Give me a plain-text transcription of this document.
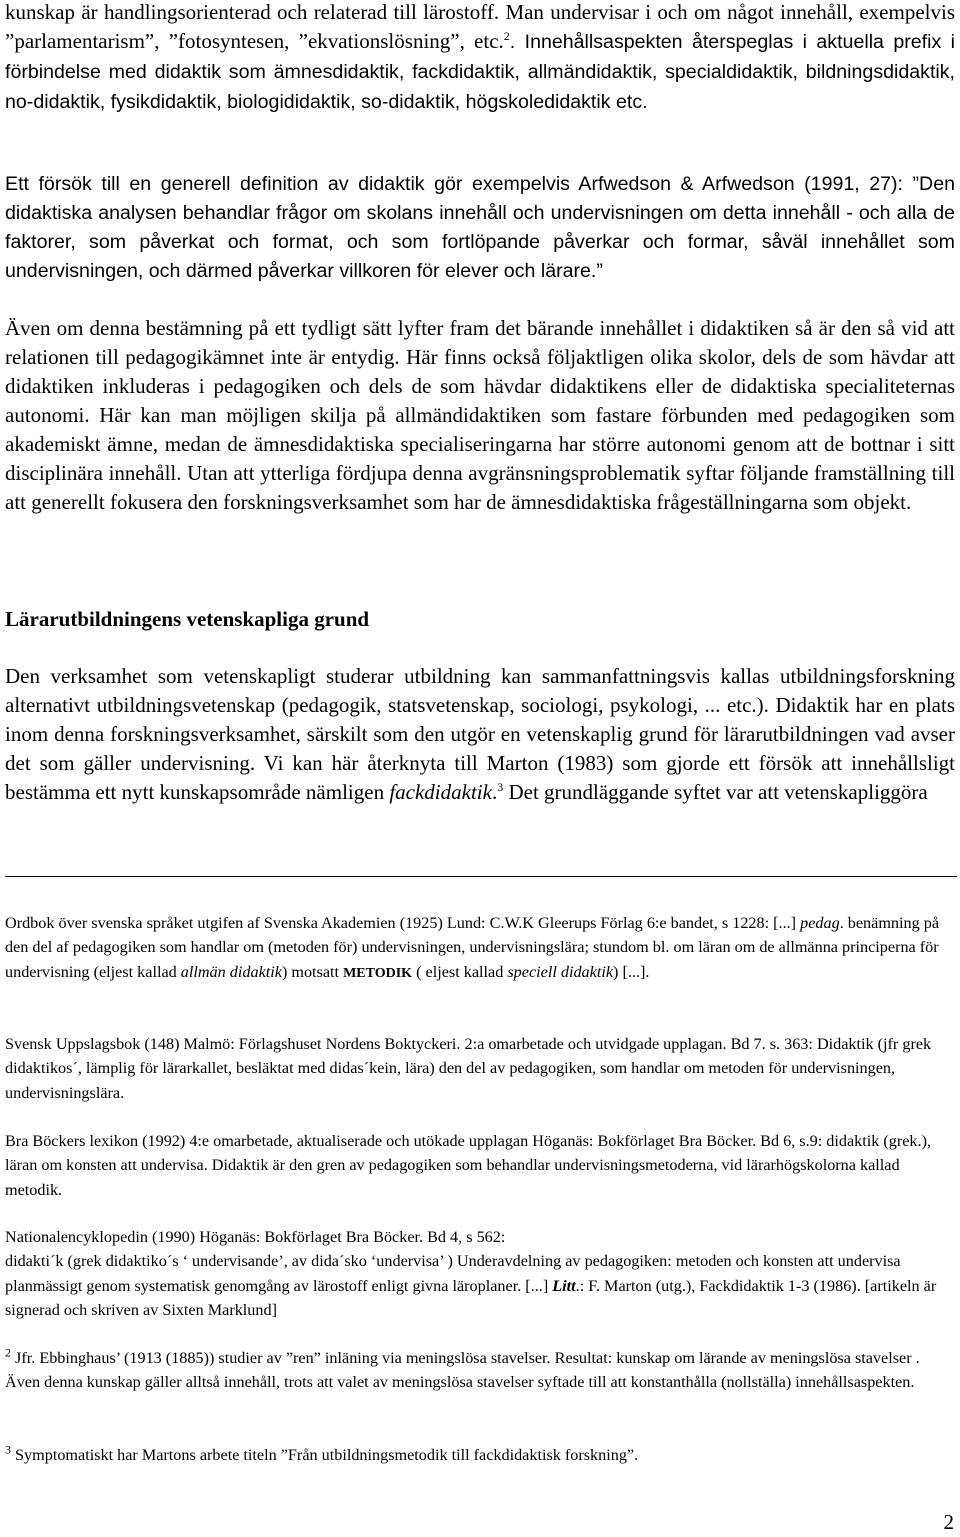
kunskap är handlingsorienterad och relaterad till lärostoff. Man undervisar i och om något innehåll, exempelvis ”parlamentarism”, ”fotosyntesen, ”ekvationslösning”, etc.$^2$. Innehållsaspekten återspeglas i aktuella prefix i förbindelse med didaktik som ämnesdidaktik, fackdidaktik, allmändidaktik, specialdidaktik, bildningsdidaktik, no-didaktik, fysikdidaktik, biologididaktik, so-didaktik, högskoledidaktik etc.
Ett försök till en generell definition av didaktik gör exempelvis Arfwedson & Arfwedson (1991, 27): ”Den didaktiska analysen behandlar frågor om skolans innehåll och undervisningen om detta innehåll - och alla de faktorer, som påverkat och format, och som fortlöpande påverkar och formar, såväl innehållet som undervisningen, och därmed påverkar villkoren för elever och lärare.”
Även om denna bestämning på ett tydligt sätt lyfter fram det bärande innehållet i didaktiken så är den så vid att relationen till pedagogikämnet inte är entydig. Här finns också följaktligen olika skolor, dels de som hävdar att didaktiken inkluderas i pedagogiken och dels de som hävdar didaktikens eller de didaktiska specialiteternas autonomi. Här kan man möjligen skilja på allmändidaktiken som fastare förbunden med pedagogiken som akademiskt ämne, medan de ämnesdidaktiska specialiseringarna har större autonomi genom att de bottnar i sitt disciplinära innehåll. Utan att ytterliga fördjupa denna avgränsningsproblematik syftar följande framställning till att generellt fokusera den forskningsverksamhet som har de ämnesdidaktiska frågeställningarna som objekt.
Lärarutbildningens vetenskapliga grund
Den verksamhet som vetenskapligt studerar utbildning kan sammanfattningsvis kallas utbildningsforskning alternativt utbildningsvetenskap (pedagogik, statsvetenskap, sociologi, psykologi, ... etc.). Didaktik har en plats inom denna forskningsverksamhet, särskilt som den utgör en vetenskaplig grund för lärarutbildningen vad avser det som gäller undervisning. Vi kan här återknyta till Marton (1983) som gjorde ett försök att innehållsligt bestämma ett nytt kunskapsområde nämligen fackdidaktik.$^3$ Det grundläggande syftet var att vetenskapliggöra
Ordbok över svenska språket utgifen af Svenska Akademien (1925) Lund: C.W.K Gleerups Förlag 6:e bandet, s 1228: [...] pedag. benämning på den del af pedagogiken som handlar om (metoden för) undervisningen, undervisningslära; stundom bl. om läran om de allmänna principerna för undervisning (eljest kallad allmän didaktik) motsatt METODIK ( eljest kallad speciell didaktik) [...].
Svensk Uppslagsbok (148) Malmö: Förlagshuset Nordens Boktyckeri. 2:a omarbetade och utvidgade upplagan. Bd 7. s. 363: Didaktik (jfr grek didaktikos´, lämplig för lärarkallet, besläktat med didas´kein, lära) den del av pedagogiken, som handlar om metoden för undervisningen, undervisningslära.
Bra Böckers lexikon (1992) 4:e omarbetade, aktualiserade och utökade upplagan Höganäs: Bokförlaget Bra Böcker. Bd 6, s.9: didaktik (grek.), läran om konsten att undervisa. Didaktik är den gren av pedagogiken som behandlar undervisningsmetoderna, vid lärarhögskolorna kallad metodik.
Nationalencyklopedin (1990) Höganäs: Bokförlaget Bra Böcker. Bd 4, s 562:
didakti´k (grek didaktiko´s ‘ undervisande’, av dida´sko ‘undervisa’ ) Underavdelning av pedagogiken: metoden och konsten att undervisa planmässigt genom systematisk genomgång av lärostoff enligt givna läroplaner. [...] Litt.: F. Marton (utg.), Fackdidaktik 1-3 (1986). [artikeln är signerad och skriven av Sixten Marklund]
$^2$ Jfr. Ebbinghaus’ (1913 (1885)) studier av ”ren” inläning via meningslösa stavelser. Resultat: kunskap om lärande av meningslösa stavelser . Även denna kunskap gäller alltså innehåll, trots att valet av meningslösa stavelser syftade till att konstanthålla (nollställa) innehållsaspekten.
$^3$ Symptomatiskt har Martons arbete titeln ”Från utbildningsmetodik till fackdidaktisk forskning”.
2
